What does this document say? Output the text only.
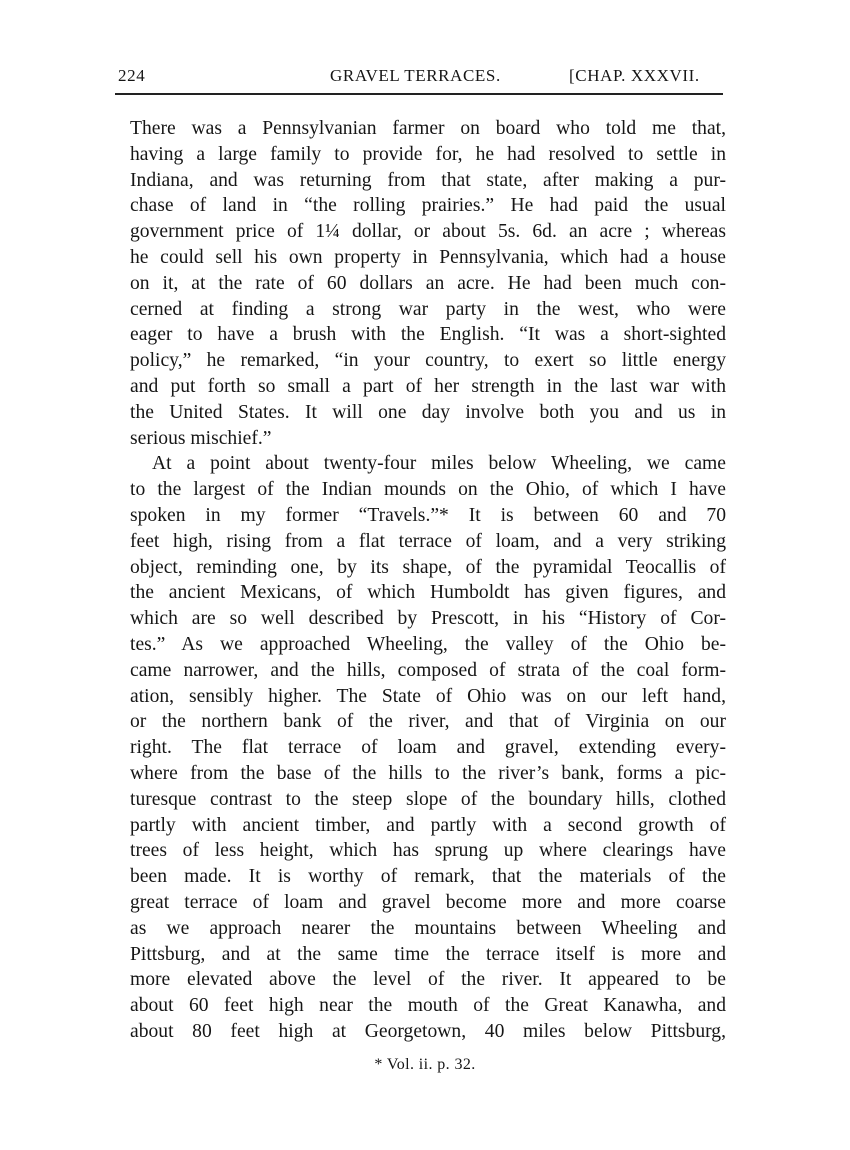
224	GRAVEL TERRACES.	[CHAP. XXXVII.
There was a Pennsylvanian farmer on board who told me that,
having a large family to provide for, he had resolved to settle in
Indiana, and was returning from that state, after making a pur-
chase of land in “the rolling prairies.” He had paid the usual
government price of 1¼ dollar, or about 5s. 6d. an acre ; whereas
he could sell his own property in Pennsylvania, which had a house
on it, at the rate of 60 dollars an acre. He had been much con-
cerned at finding a strong war party in the west, who were
eager to have a brush with the English. “It was a short-sighted
policy,” he remarked, “in your country, to exert so little energy
and put forth so small a part of her strength in the last war with
the United States. It will one day involve both you and us in
serious mischief.”
At a point about twenty-four miles below Wheeling, we came
to the largest of the Indian mounds on the Ohio, of which I have
spoken in my former “Travels.”* It is between 60 and 70
feet high, rising from a flat terrace of loam, and a very striking
object, reminding one, by its shape, of the pyramidal Teocallis of
the ancient Mexicans, of which Humboldt has given figures, and
which are so well described by Prescott, in his “History of Cor-
tes.” As we approached Wheeling, the valley of the Ohio be-
came narrower, and the hills, composed of strata of the coal form-
ation, sensibly higher. The State of Ohio was on our left hand,
or the northern bank of the river, and that of Virginia on our
right. The flat terrace of loam and gravel, extending every-
where from the base of the hills to the river’s bank, forms a pic-
turesque contrast to the steep slope of the boundary hills, clothed
partly with ancient timber, and partly with a second growth of
trees of less height, which has sprung up where clearings have
been made. It is worthy of remark, that the materials of the
great terrace of loam and gravel become more and more coarse
as we approach nearer the mountains between Wheeling and
Pittsburg, and at the same time the terrace itself is more and
more elevated above the level of the river. It appeared to be
about 60 feet high near the mouth of the Great Kanawha, and
about 80 feet high at Georgetown, 40 miles below Pittsburg,
* Vol. ii. p. 32.
